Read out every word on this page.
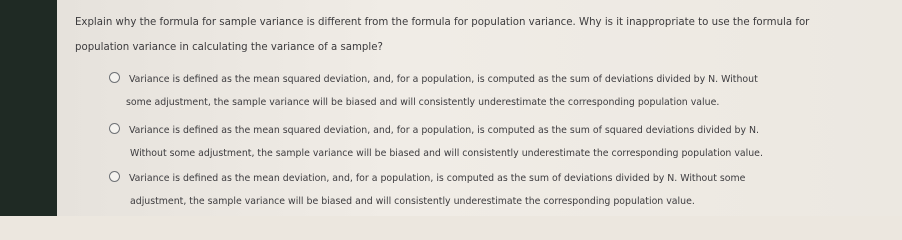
Explain why the formula for sample variance is different from the formula for population variance. Why is it inappropriate to use the formula for
population variance in calculating the variance of a sample?

Variance is defined as the mean squared deviation, and, for a population, is computed as the sum of deviations divided by N. Without
some adjustment, the sample variance will be biased and will consistently underestimate the corresponding population value.

Variance is defined as the mean squared deviation, and, for a population, is computed as the sum of squared deviations divided by N.
Without some adjustment, the sample variance will be biased and will consistently underestimate the corresponding population value.

Variance is defined as the mean deviation, and, for a population, is computed as the sum of deviations divided by N. Without some
adjustment, the sample variance will be biased and will consistently underestimate the corresponding population value.
